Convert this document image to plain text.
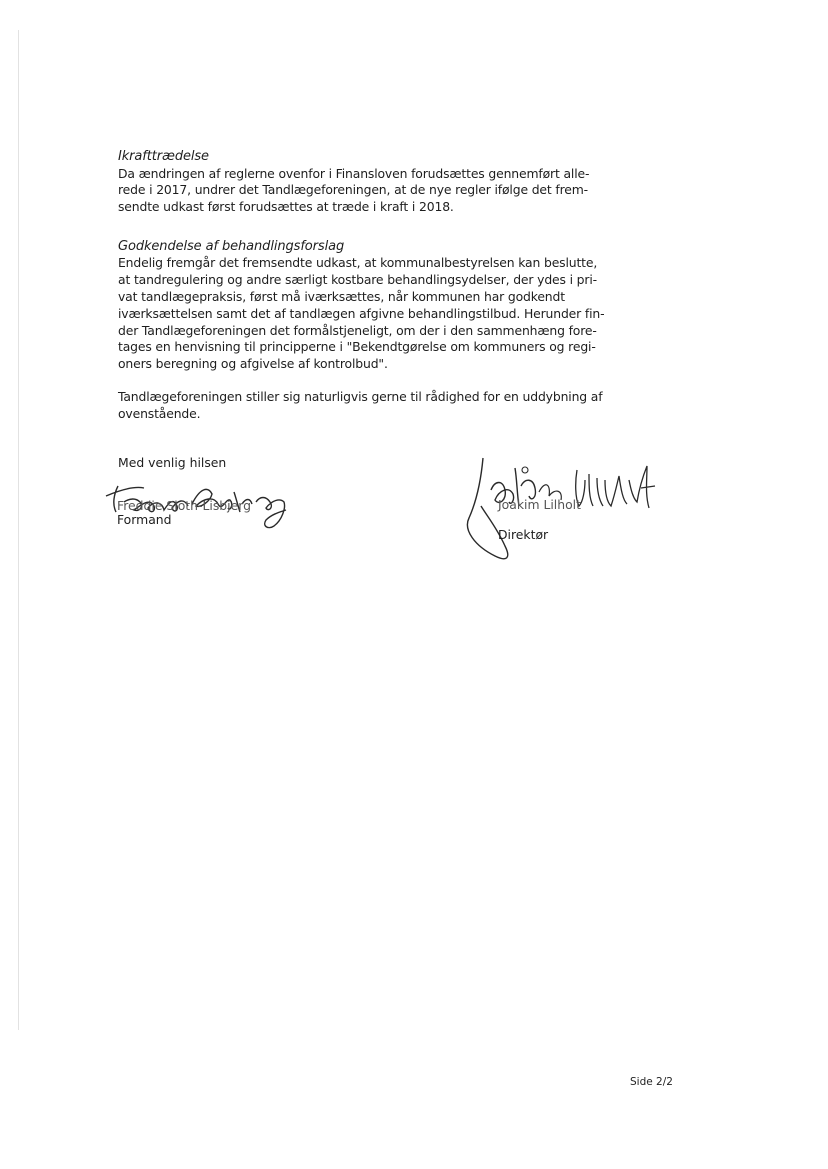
Ikrafttrædelse

Da ændringen af reglerne ovenfor i Finansloven forudsættes gennemført alle-

rede i 2017, undrer det Tandlægeforeningen, at de nye regler ifølge det frem-

sendte udkast først forudsættes at træde i kraft i 2018.

Godkendelse af behandlingsforslag

Endelig fremgår det fremsendte udkast, at kommunalbestyrelsen kan beslutte,

at tandregulering og andre særligt kostbare behandlingsydelser, der ydes i pri-

vat tandlægepraksis, først må iværksættes, når kommunen har godkendt

iværksættelsen samt det af tandlægen afgivne behandlingstilbud. Herunder fin-

der Tandlægeforeningen det formålstjeneligt, om der i den sammenhæng fore-

tages en henvisning til principperne i "Bekendtgørelse om kommuners og regi-

oners beregning og afgivelse af kontrolbud".

Tandlægeforeningen stiller sig naturligvis gerne til rådighed for en uddybning af

ovenstående.

Med venlig hilsen
Freddie Sloth-Lisbjerg
Formand
Joakim Lilholt
Direktør
Side 2/2
